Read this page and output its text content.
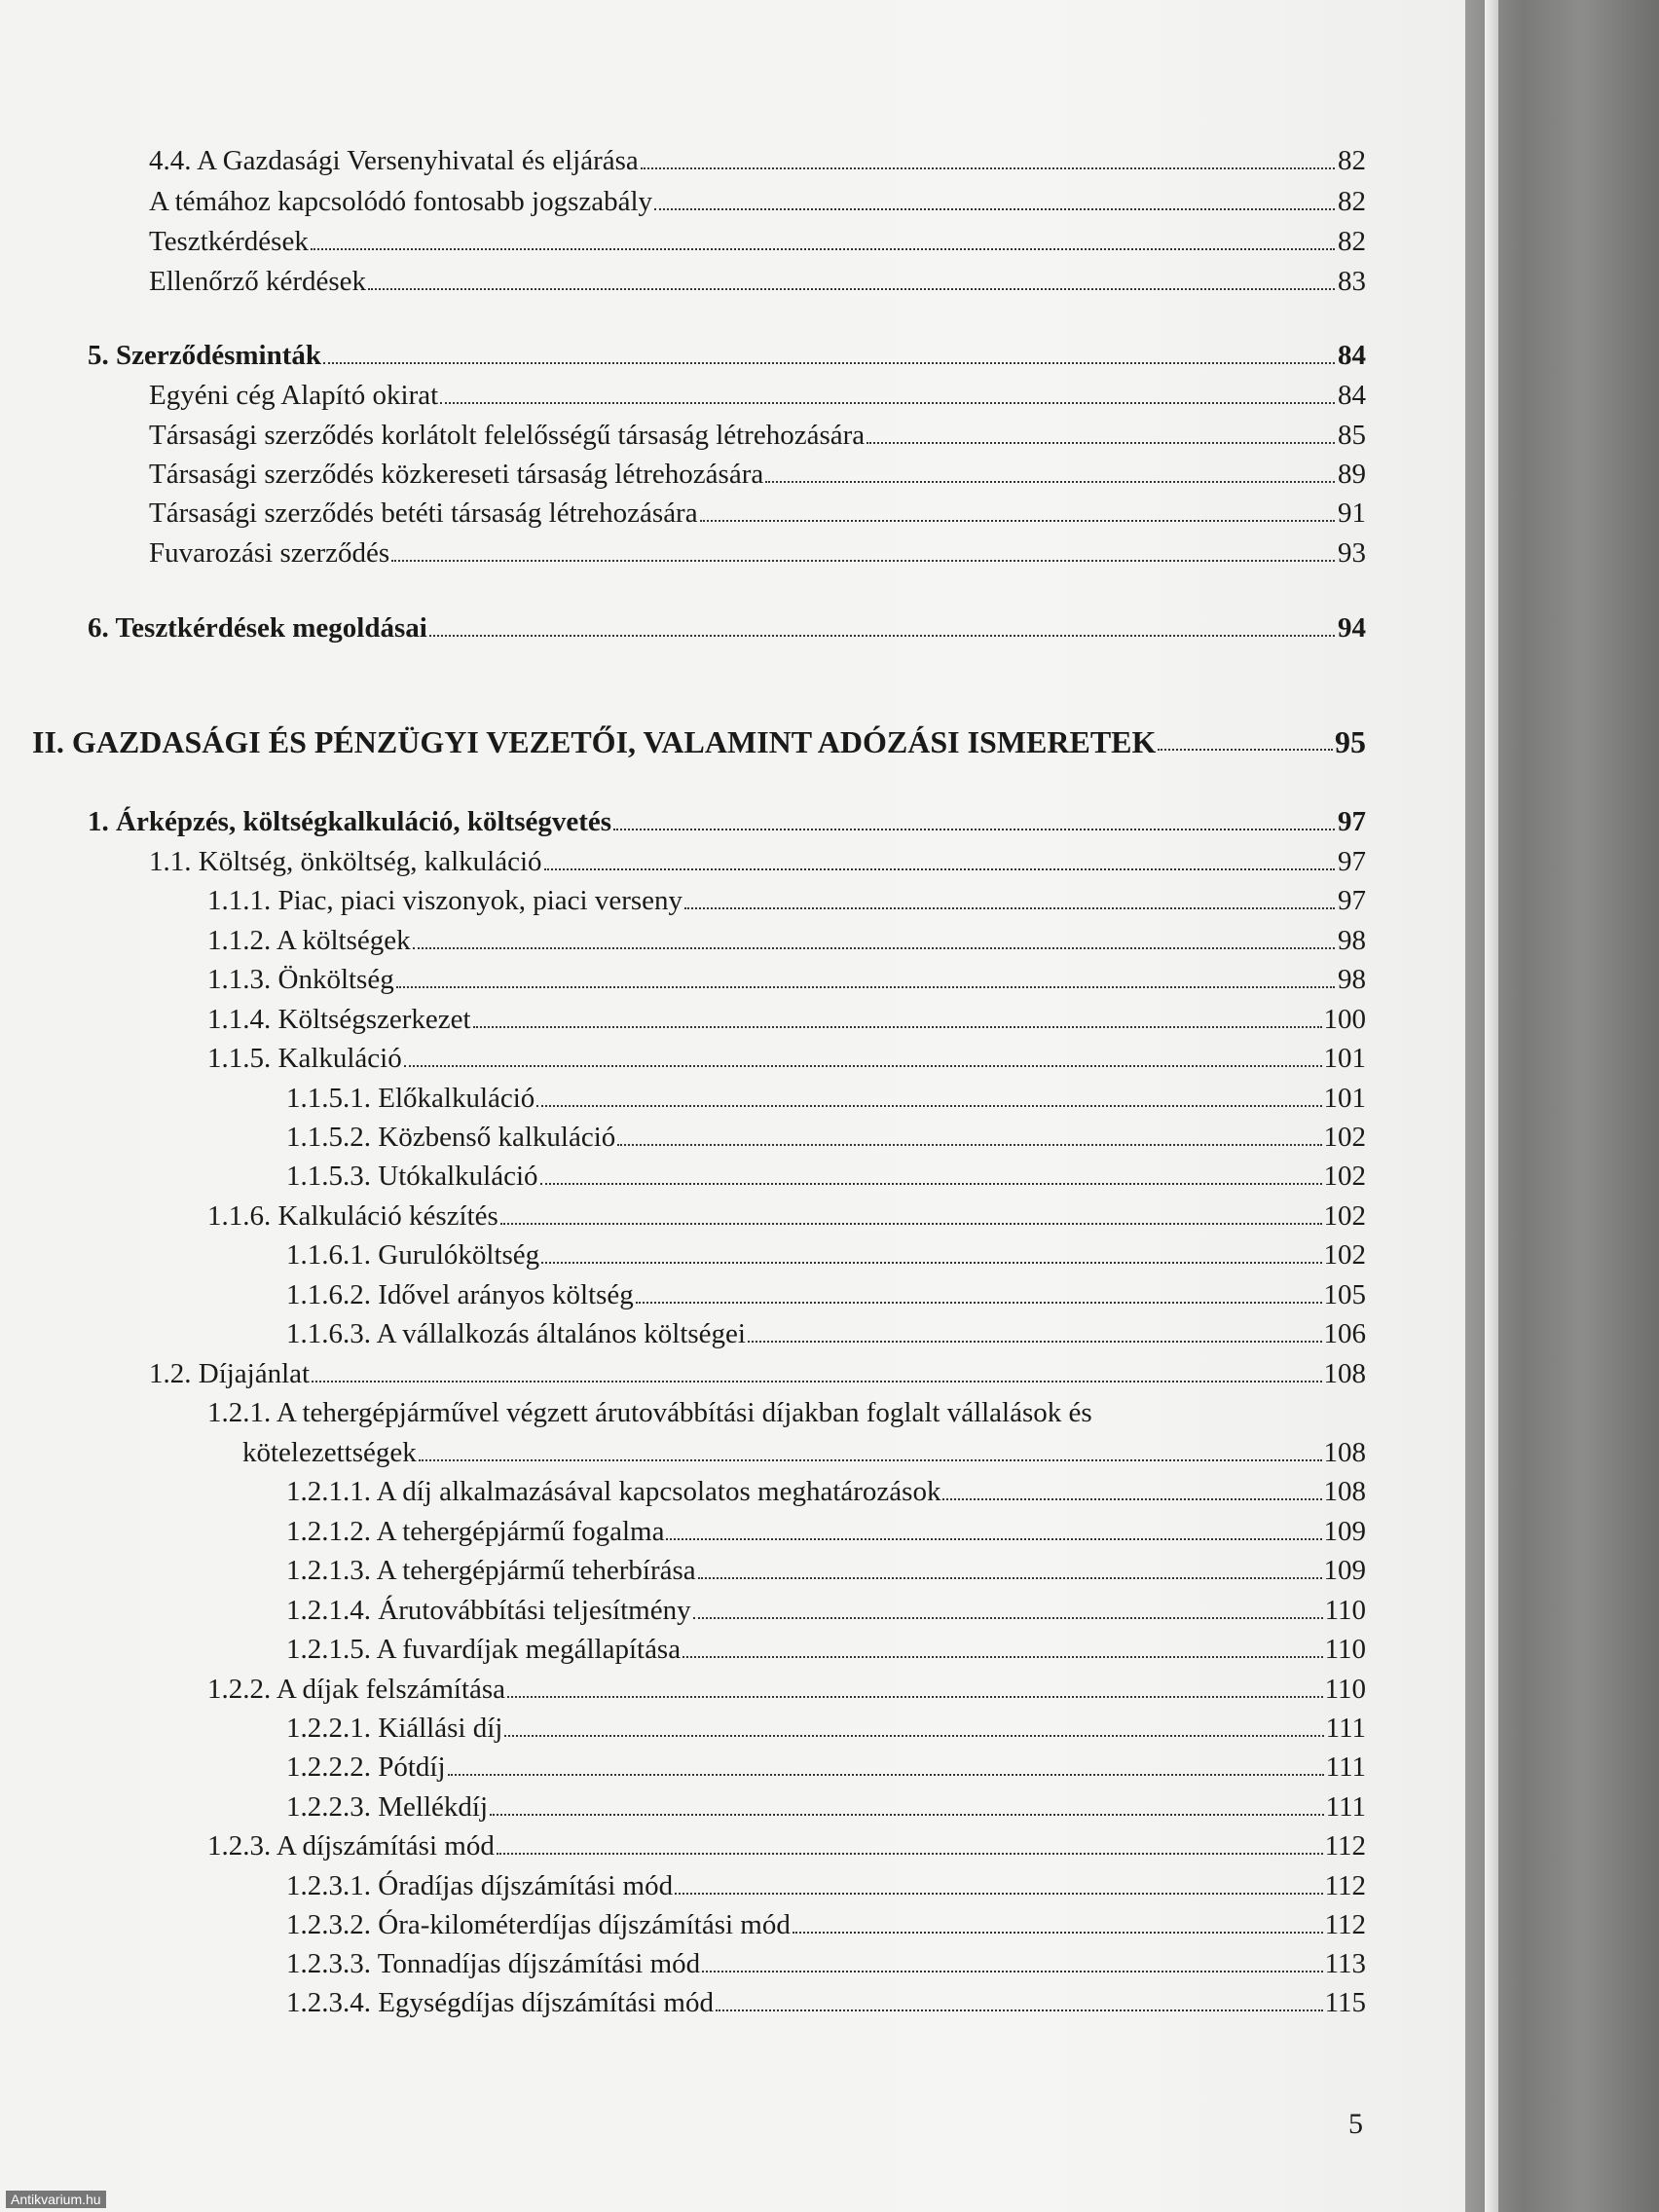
4.4. A Gazdasági Versenyhivatal és eljárása	82
A témához kapcsolódó fontosabb jogszabály	82
Tesztkérdések	82
Ellenőrző kérdések	83
5. Szerződésminták	84
Egyéni cég Alapító okirat	84
Társasági szerződés korlátolt felelősségű társaság létrehozására	85
Társasági szerződés közkereseti társaság létrehozására	89
Társasági szerződés betéti társaság létrehozására	91
Fuvarozási szerződés	93
6. Tesztkérdések megoldásai	94
II. GAZDASÁGI ÉS PÉNZÜGYI VEZETŐI, VALAMINT ADÓZÁSI ISMERETEK	95
1. Árképzés, költségkalkuláció, költségvetés	97
1.1. Költség, önköltség, kalkuláció	97
1.1.1. Piac, piaci viszonyok, piaci verseny	97
1.1.2. A költségek	98
1.1.3. Önköltség	98
1.1.4. Költségszerkezet	100
1.1.5. Kalkuláció	101
1.1.5.1. Előkalkuláció	101
1.1.5.2. Közbenső kalkuláció	102
1.1.5.3. Utókalkuláció	102
1.1.6. Kalkuláció készítés	102
1.1.6.1. Gurulóköltség	102
1.1.6.2. Idővel arányos költség	105
1.1.6.3. A vállalkozás általános költségei	106
1.2. Díjajánlat	108
1.2.1. A tehergépjárművel végzett árutovábbítási díjakban foglalt vállalások és
kötelezettségek	108
1.2.1.1. A díj alkalmazásával kapcsolatos meghatározások	108
1.2.1.2. A tehergépjármű fogalma	109
1.2.1.3. A tehergépjármű teherbírása	109
1.2.1.4. Árutovábbítási teljesítmény	110
1.2.1.5. A fuvardíjak megállapítása	110
1.2.2. A díjak felszámítása	110
1.2.2.1. Kiállási díj	111
1.2.2.2. Pótdíj	111
1.2.2.3. Mellékdíj	111
1.2.3. A díjszámítási mód	112
1.2.3.1. Óradíjas díjszámítási mód	112
1.2.3.2. Óra-kilométerdíjas díjszámítási mód	112
1.2.3.3. Tonnadíjas díjszámítási mód	113
1.2.3.4. Egységdíjas díjszámítási mód	115
5
Antikvarium.hu
